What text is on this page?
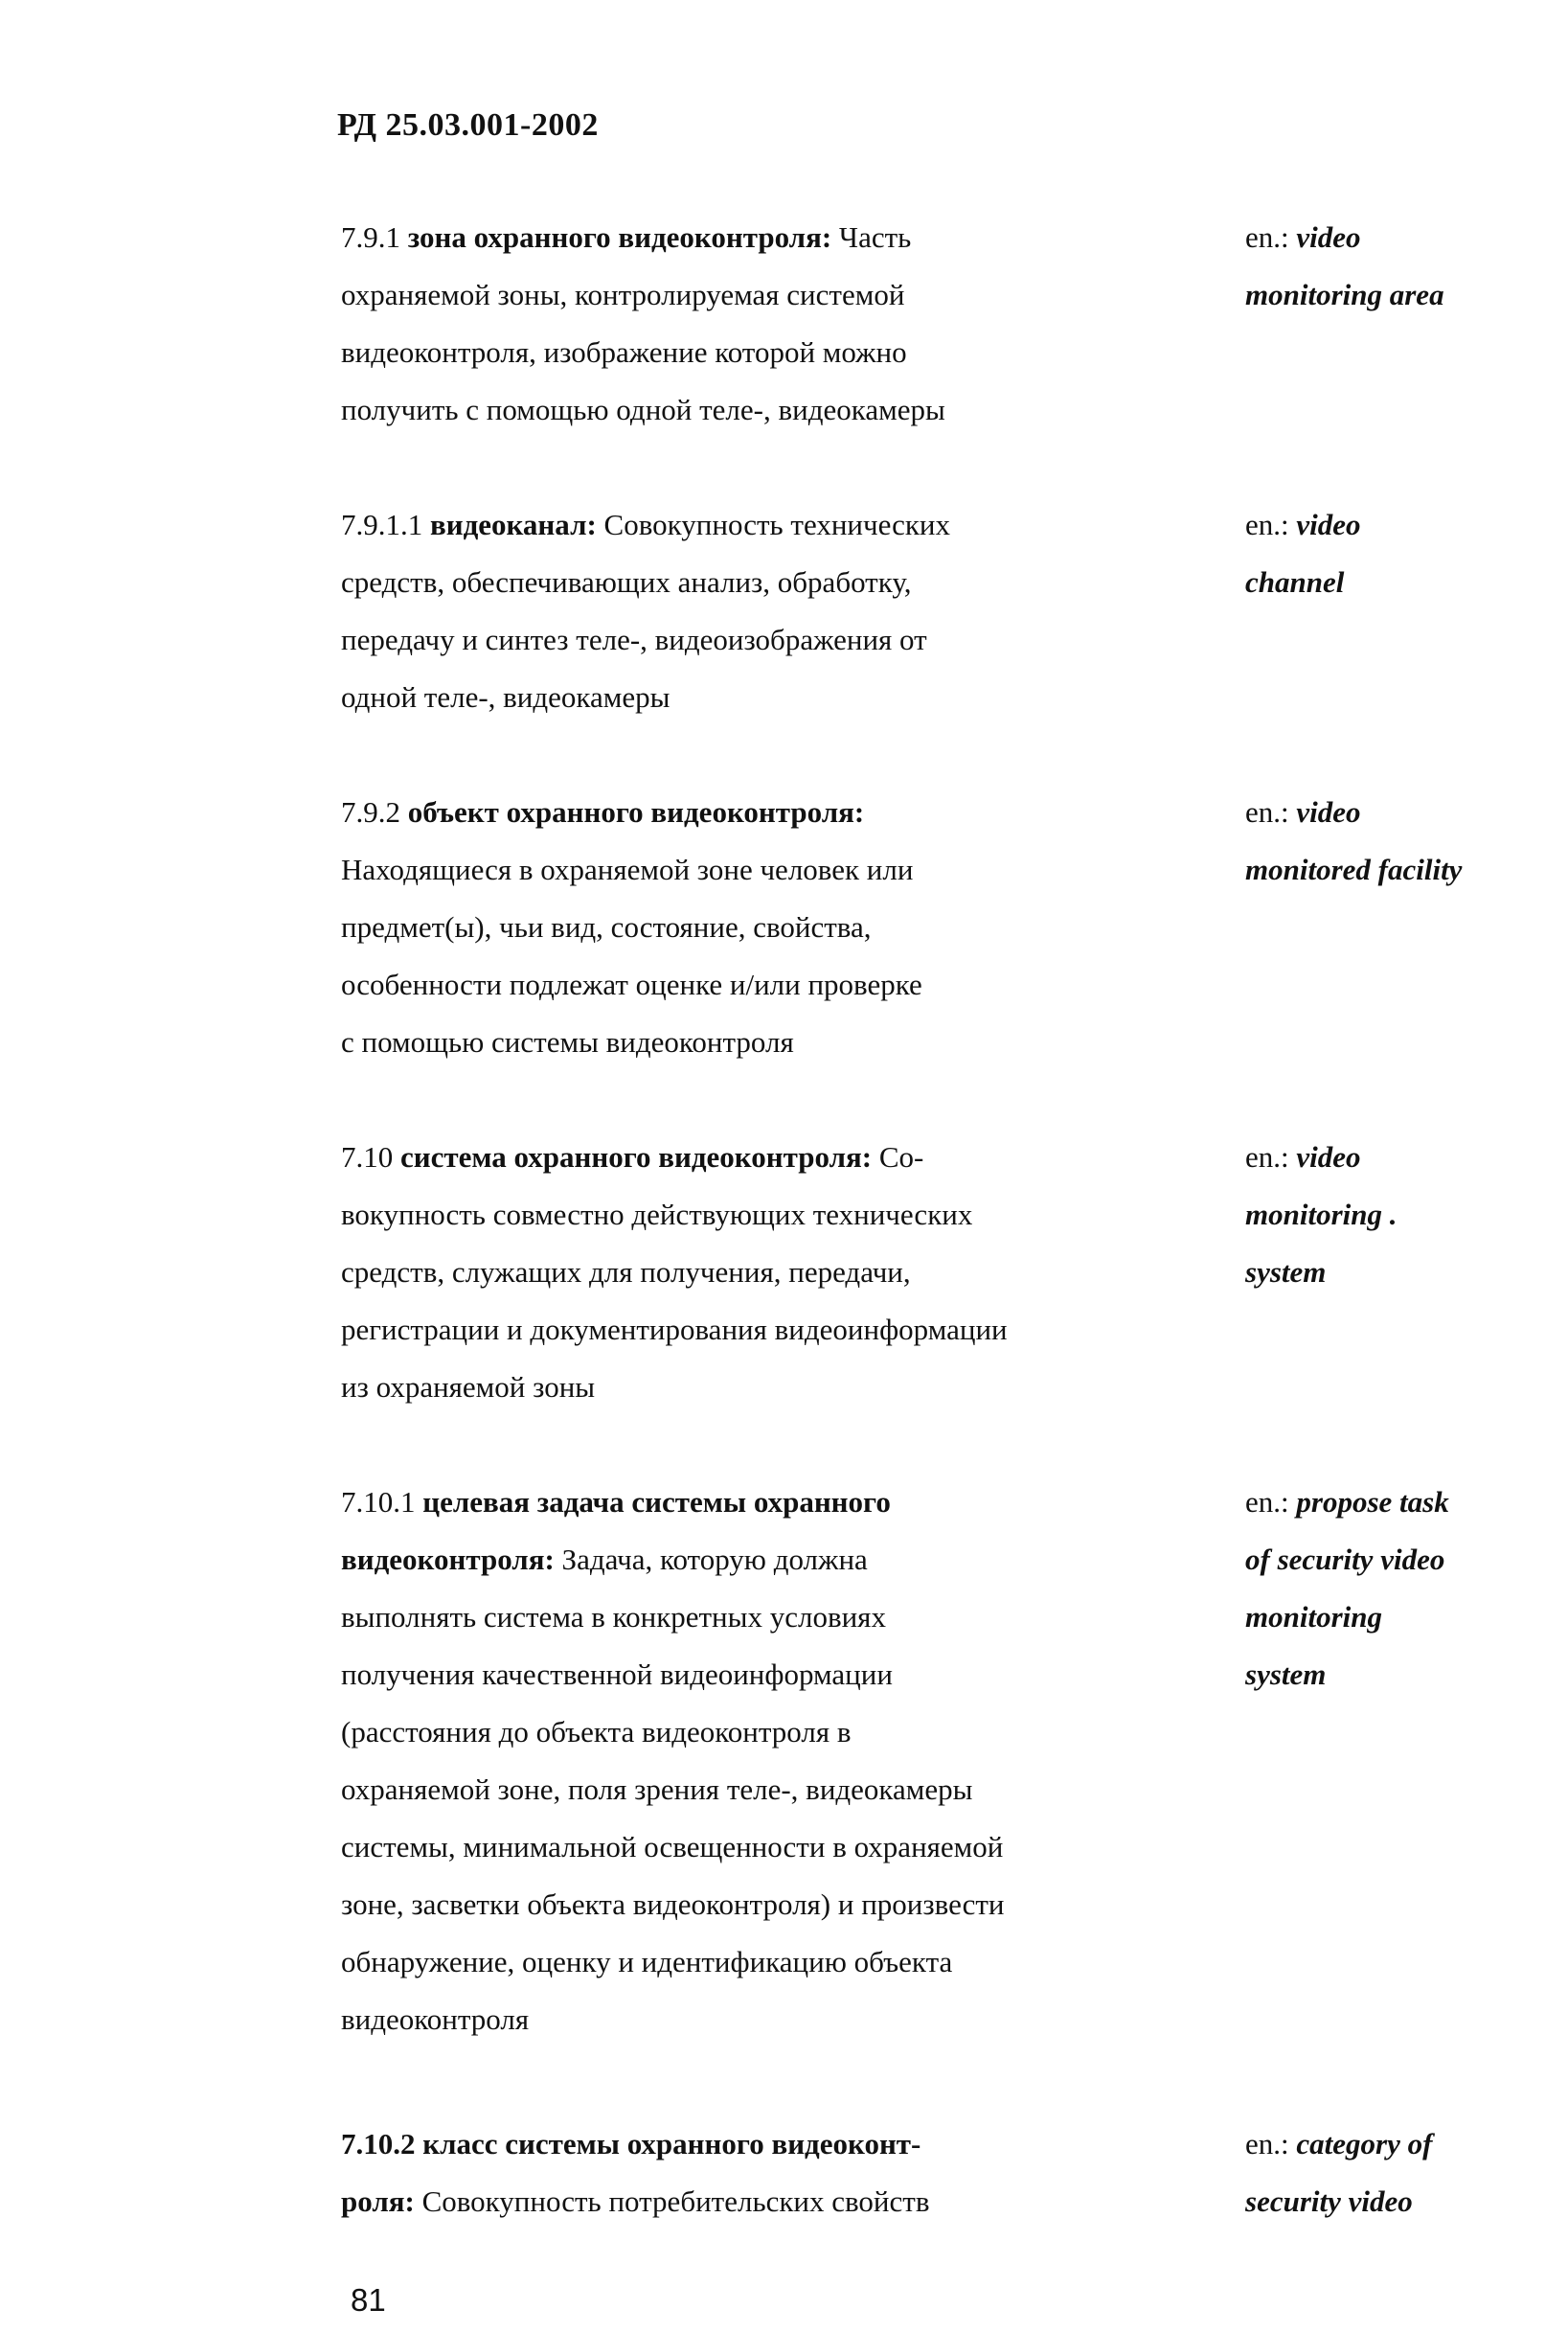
РД 25.03.001-2002
7.9.1 зона охранного видеоконтроля: Часть
охраняемой зоны, контролируемая системой
видеоконтроля, изображение которой можно
получить с помощью одной теле-, видеокамеры
en.: video
monitoring area
7.9.1.1 видеоканал: Совокупность технических
средств, обеспечивающих анализ, обработку,
передачу и синтез теле-, видеоизображения от
одной теле-, видеокамеры
en.: video
channel
7.9.2 объект охранного видеоконтроля:
Находящиеся в охраняемой зоне человек или
предмет(ы), чьи вид, состояние, свойства,
особенности подлежат оценке и/или проверке
с помощью системы видеоконтроля
en.: video
monitored facility
7.10 система охранного видеоконтроля: Со-
вокупность совместно действующих технических
средств, служащих для получения, передачи,
регистрации и документирования видеоинформации
из охраняемой зоны
en.: video
monitoring .
system
7.10.1 целевая задача системы охранного
видеоконтроля: Задача, которую должна
выполнять система в конкретных условиях
получения качественной видеоинформации
(расстояния до объекта видеоконтроля в
охраняемой зоне, поля зрения теле-, видеокамеры
системы, минимальной освещенности в охраняемой
зоне, засветки объекта видеоконтроля) и произвести
обнаружение, оценку и идентификацию объекта
видеоконтроля
en.: propose task
of security video
monitoring
system
7.10.2 класс системы охранного видеоконт-
роля: Совокупность потребительских свойств
en.: category of
security video
81
